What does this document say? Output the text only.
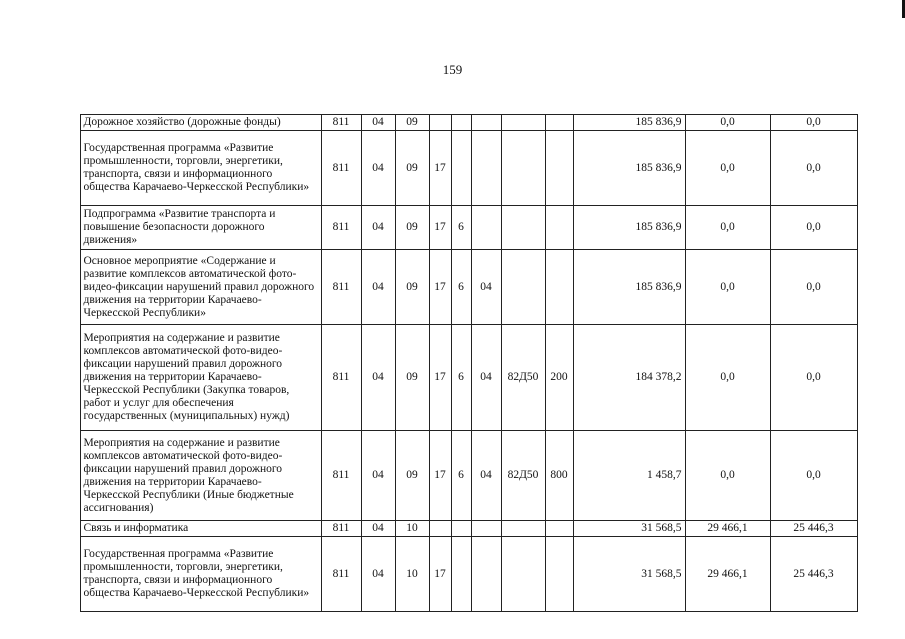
159
	Дорожное хозяйство (дорожные фонды)	811	04	09						185 836,9	0,0	0,0
	Государственная программа «Развитие промышленности, торговли, энергетики, транспорта, связи и информационного общества Карачаево-Черкесской Республики»	811	04	09	17					185 836,9	0,0	0,0
	Подпрограмма «Развитие транспорта и повышение безопасности дорожного движения»	811	04	09	17	6				185 836,9	0,0	0,0
	Основное мероприятие «Содержание и развитие комплексов автоматической фото-видео-фиксации нарушений правил дорожного движения на территории Карачаево-Черкесской Республики»	811	04	09	17	6	04			185 836,9	0,0	0,0
	Мероприятия на содержание и развитие комплексов автоматической фото-видео-фиксации нарушений правил дорожного движения на территории Карачаево-Черкесской Республики (Закупка товаров, работ и услуг для обеспечения государственных (муниципальных) нужд)	811	04	09	17	6	04	82Д50	200	184 378,2	0,0	0,0
	Мероприятия на содержание и развитие комплексов автоматической фото-видео-фиксации нарушений правил дорожного движения на территории Карачаево-Черкесской Республики (Иные бюджетные ассигнования)	811	04	09	17	6	04	82Д50	800	1 458,7	0,0	0,0
	Связь и информатика	811	04	10						31 568,5	29 466,1	25 446,3
	Государственная программа «Развитие промышленности, торговли, энергетики, транспорта, связи и информационного общества Карачаево-Черкесской Республики»	811	04	10	17					31 568,5	29 466,1	25 446,3
